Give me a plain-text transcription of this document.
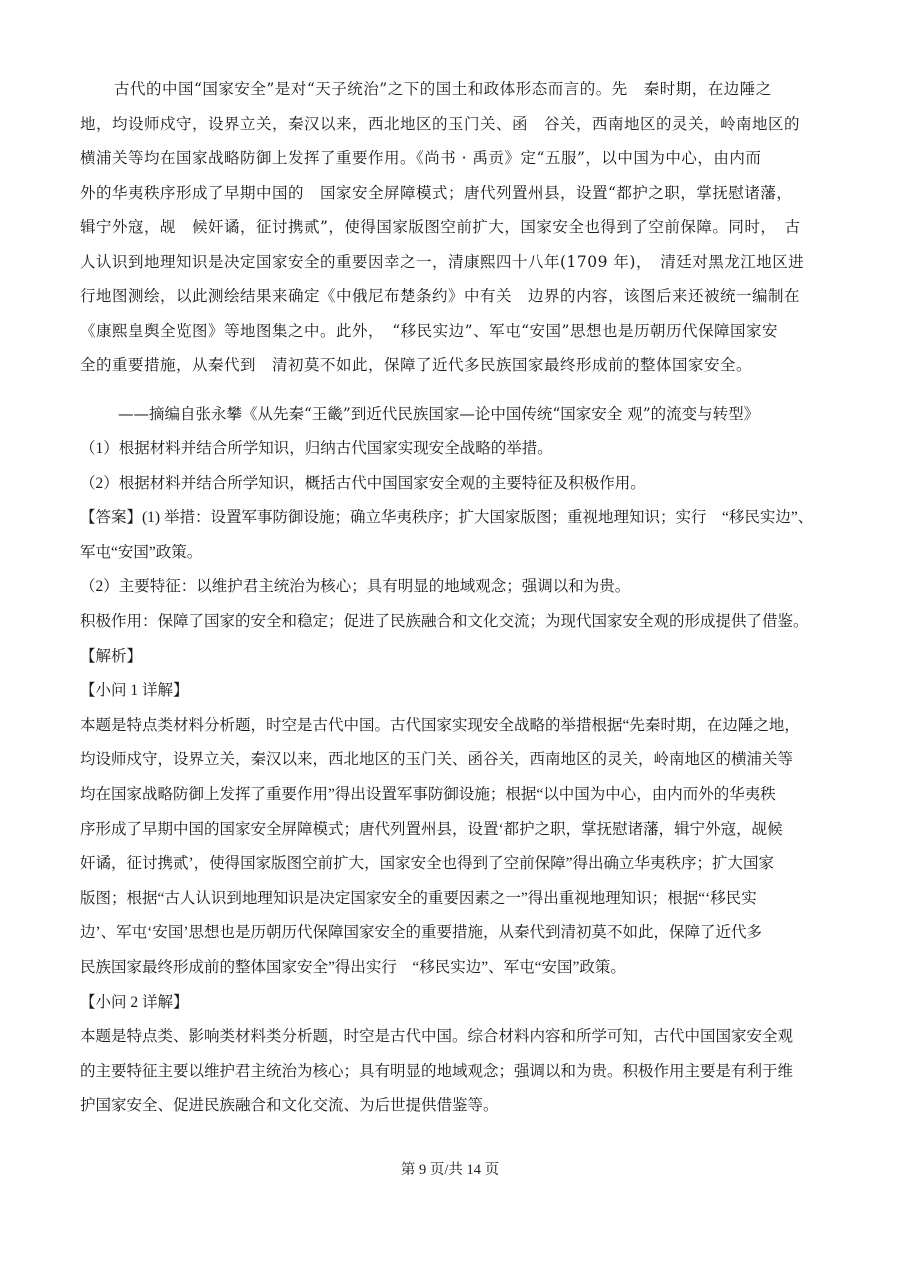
古代的中国“国家安全”是对“天子统治”之下的国土和政体形态而言的。先　秦时期，在边陲之
地，均设师戍守，设界立关，秦汉以来，西北地区的玉门关、函　谷关，西南地区的灵关，岭南地区的
横浦关等均在国家战略防御上发挥了重要作用。《尚书 · 禹贡》定“五服”，以中国为中心，由内而
外的华夷秩序形成了早期中国的　国家安全屏障模式；唐代列置州县，设置“都护之职，掌抚慰诸藩，
辑宁外寇，觇　候奸谲，征讨携贰”，使得国家版图空前扩大，国家安全也得到了空前保障。同时，　古
人认识到地理知识是决定国家安全的重要因幸之一，清康熙四十八年(1709 年)，　清廷对黑龙江地区进
行地图测绘，以此测绘结果来确定《中俄尼布楚条约》中有关　边界的内容，该图后来还被统一编制在
《康熙皇舆全览图》等地图集之中。此外，　“移民实边”、军屯“安国”思想也是历朝历代保障国家安
全的重要措施，从秦代到　清初莫不如此，保障了近代多民族国家最终形成前的整体国家安全。
——摘编自张永攀《从先秦“王畿”到近代民族国家—论中国传统“国家安全 观”的流变与转型》
（1）根据材料并结合所学知识，归纳古代国家实现安全战略的举措。
（2）根据材料并结合所学知识，概括古代中国国家安全观的主要特征及积极作用。
【答案】(1) 举措：设置军事防御设施；确立华夷秩序；扩大国家版图；重视地理知识；实行　“移民实边”、
军屯“安国”政策。
（2）主要特征：以维护君主统治为核心；具有明显的地域观念；强调以和为贵。
积极作用：保障了国家的安全和稳定；促进了民族融合和文化交流；为现代国家安全观的形成提供了借鉴。
【解析】
【小问 1 详解】
本题是特点类材料分析题，时空是古代中国。古代国家实现安全战略的举措根据“先秦时期，在边陲之地，
均设师戍守，设界立关，秦汉以来，西北地区的玉门关、函谷关，西南地区的灵关，岭南地区的横浦关等
均在国家战略防御上发挥了重要作用”得出设置军事防御设施；根据“以中国为中心，由内而外的华夷秩
序形成了早期中国的国家安全屏障模式；唐代列置州县，设置‘都护之职，掌抚慰诸藩，辑宁外寇，觇候
奸谲，征讨携贰’，使得国家版图空前扩大，国家安全也得到了空前保障”得出确立华夷秩序；扩大国家
版图；根据“古人认识到地理知识是决定国家安全的重要因素之一”得出重视地理知识；根据“‘移民实
边’、军屯‘安国’思想也是历朝历代保障国家安全的重要措施，从秦代到清初莫不如此，保障了近代多
民族国家最终形成前的整体国家安全”得出实行　“移民实边”、军屯“安国”政策。
【小问 2 详解】
本题是特点类、影响类材料类分析题，时空是古代中国。综合材料内容和所学可知，古代中国国家安全观
的主要特征主要以维护君主统治为核心；具有明显的地域观念；强调以和为贵。积极作用主要是有利于维
护国家安全、促进民族融合和文化交流、为后世提供借鉴等。
第 9 页/共 14 页
